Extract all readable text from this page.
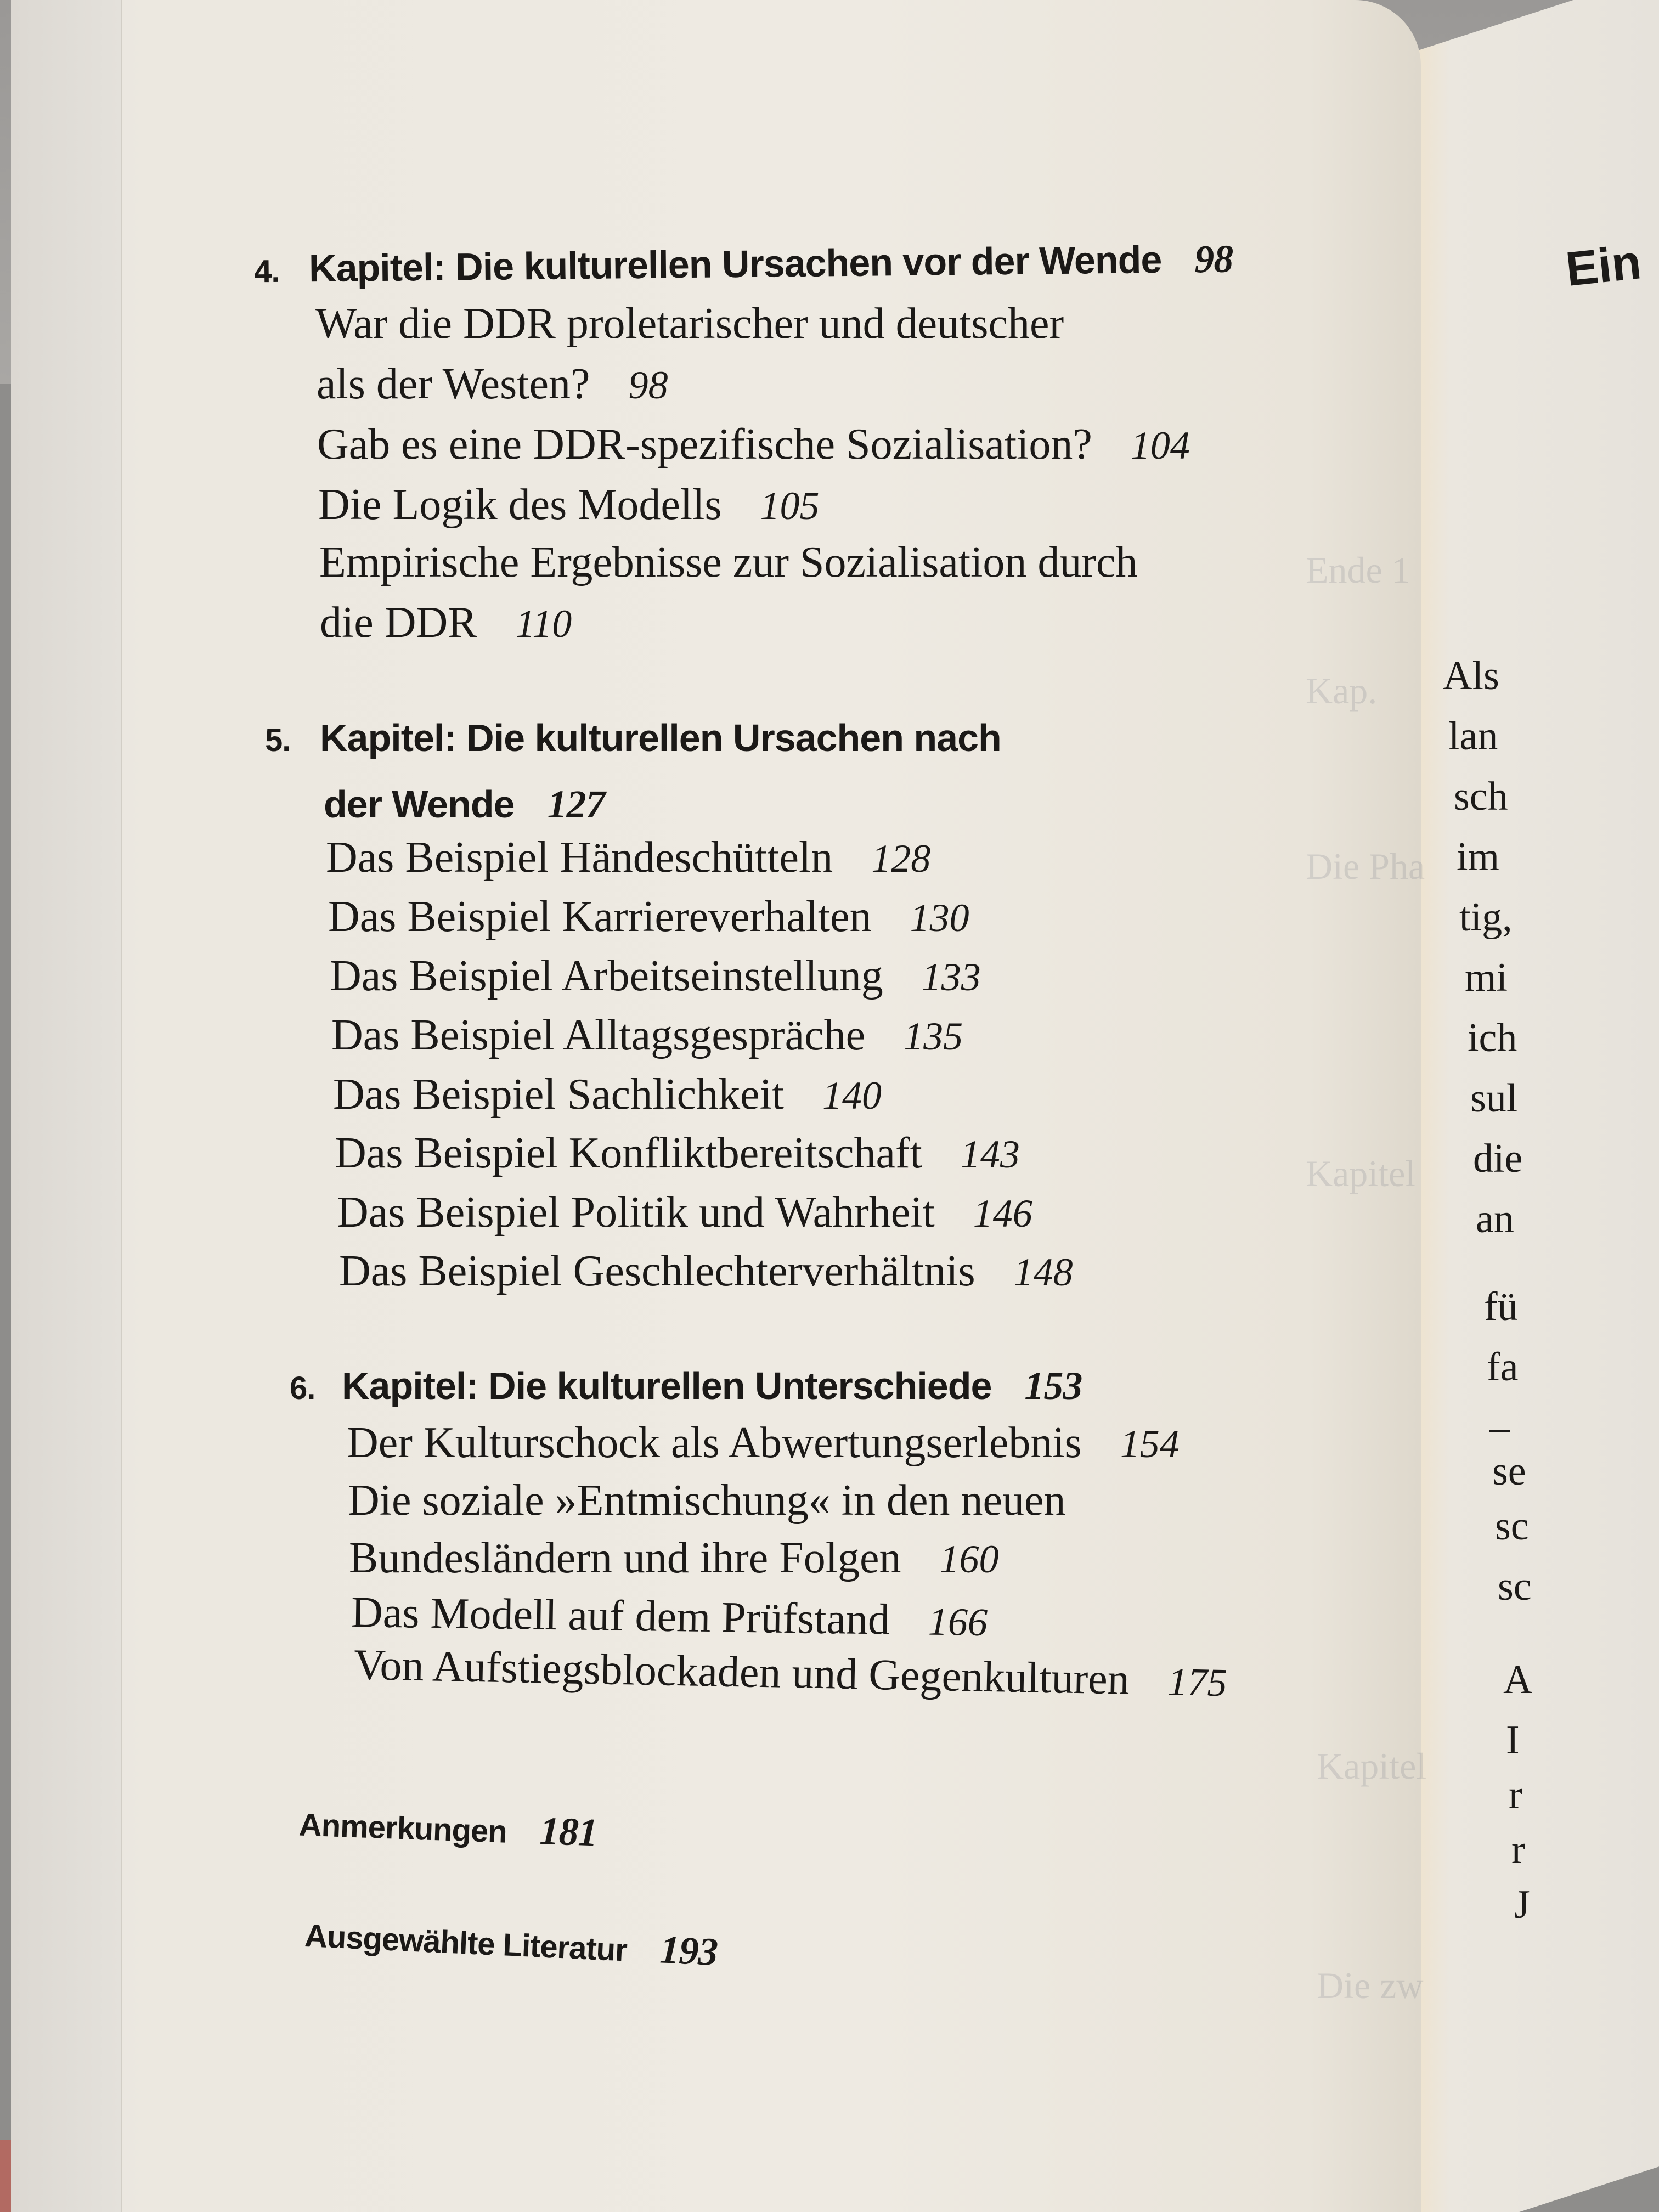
Ein
Als
lan
sch
im
tig,
mi
ich
sul
die
an
fü
fa
–
se
sc
sc
A
I
r
r
J
Ende 1
Kap.
Die Pha
Kapitel
Kapitel
Die zw
4. Kapitel: Die kulturellen Ursachen vor der Wende 98
War die DDR proletarischer und deutscher
als der Westen? 98
Gab es eine DDR-spezifische Sozialisation? 104
Die Logik des Modells 105
Empirische Ergebnisse zur Sozialisation durch
die DDR 110
5. Kapitel: Die kulturellen Ursachen nach
der Wende 127
Das Beispiel Händeschütteln 128
Das Beispiel Karriereverhalten 130
Das Beispiel Arbeitseinstellung 133
Das Beispiel Alltagsgespräche 135
Das Beispiel Sachlichkeit 140
Das Beispiel Konfliktbereitschaft 143
Das Beispiel Politik und Wahrheit 146
Das Beispiel Geschlechterverhältnis 148
6. Kapitel: Die kulturellen Unterschiede 153
Der Kulturschock als Abwertungserlebnis 154
Die soziale »Entmischung« in den neuen
Bundesländern und ihre Folgen 160
Das Modell auf dem Prüfstand 166
Von Aufstiegsblockaden und Gegenkulturen 175
Anmerkungen 181
Ausgewählte Literatur 193
